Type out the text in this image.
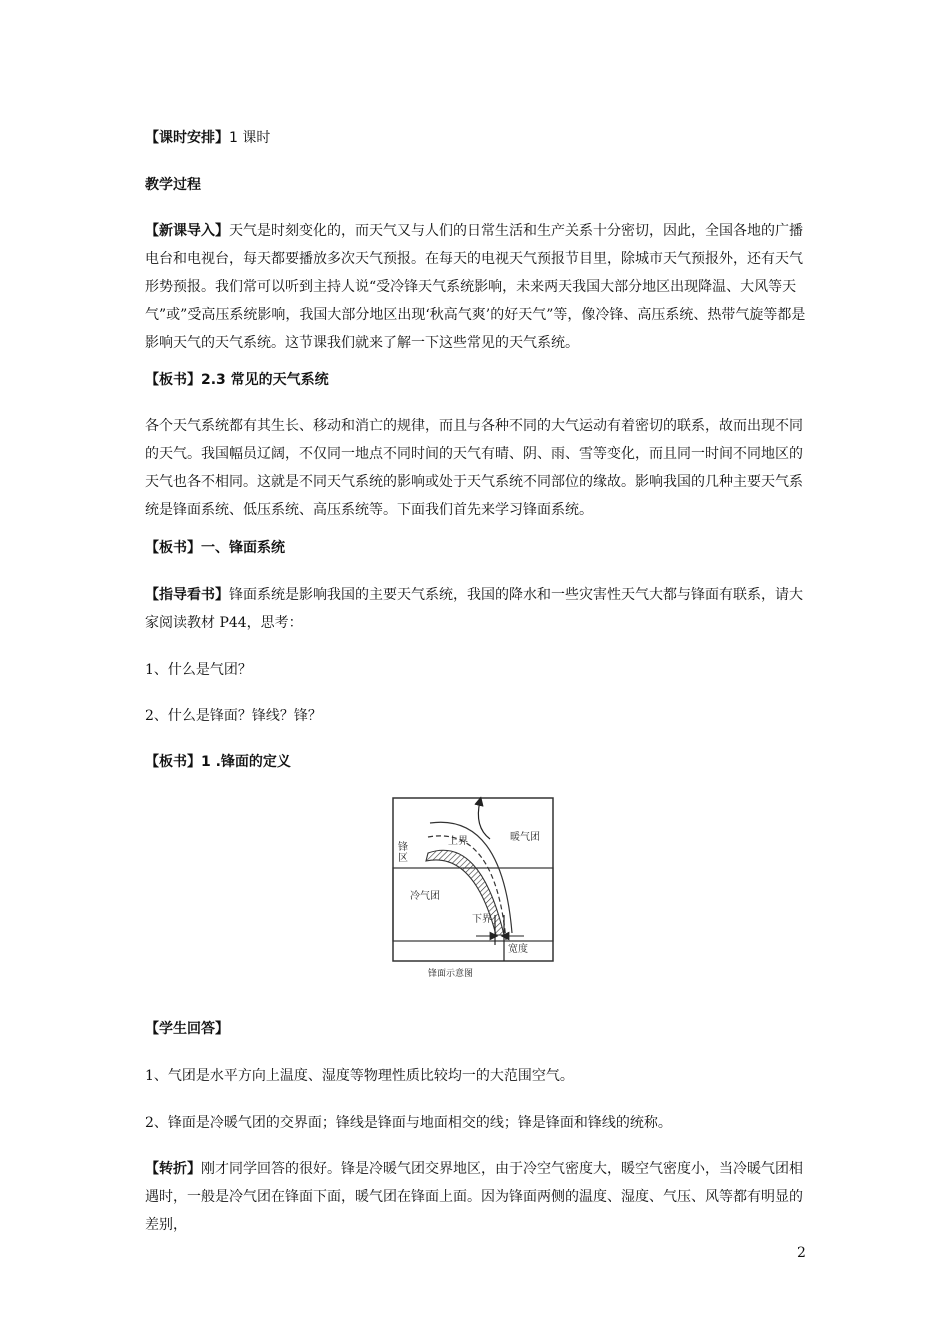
【课时安排】1 课时

教学过程

【新课导入】天气是时刻变化的，而天气又与人们的日常生活和生产关系十分密切，因此，全国各地的广播电台和电视台，每天都要播放多次天气预报。在每天的电视天气预报节目里，除城市天气预报外，还有天气形势预报。我们常可以听到主持人说“受冷锋天气系统影响，未来两天我国大部分地区出现降温、大风等天气”或”受高压系统影响，我国大部分地区出现‘秋高气爽’的好天气”等，像冷锋、高压系统、热带气旋等都是影响天气的天气系统。这节课我们就来了解一下这些常见的天气系统。

【板书】2.3 常见的天气系统

各个天气系统都有其生长、移动和消亡的规律，而且与各种不同的大气运动有着密切的联系，故而出现不同的天气。我国幅员辽阔，不仅同一地点不同时间的天气有晴、阴、雨、雪等变化，而且同一时间不同地区的天气也各不相同。这就是不同天气系统的影响或处于天气系统不同部位的缘故。影响我国的几种主要天气系统是锋面系统、低压系统、高压系统等。下面我们首先来学习锋面系统。

【板书】一、锋面系统

【指导看书】锋面系统是影响我国的主要天气系统，我国的降水和一些灾害性天气大都与锋面有联系，请大家阅读教材 P44，思考：

1、什么是气团？

2、什么是锋面？锋线？锋？

【板书】1 .锋面的定义

暖气团
上界
锋
区
冷气团
下界
宽度
锋面示意图

【学生回答】

1、气团是水平方向上温度、湿度等物理性质比较均一的大范围空气。

2、锋面是冷暖气团的交界面；锋线是锋面与地面相交的线；锋是锋面和锋线的统称。

【转折】刚才同学回答的很好。锋是冷暖气团交界地区，由于冷空气密度大，暖空气密度小，当冷暖气团相遇时，一般是冷气团在锋面下面，暖气团在锋面上面。因为锋面两侧的温度、湿度、气压、风等都有明显的差别，

2
